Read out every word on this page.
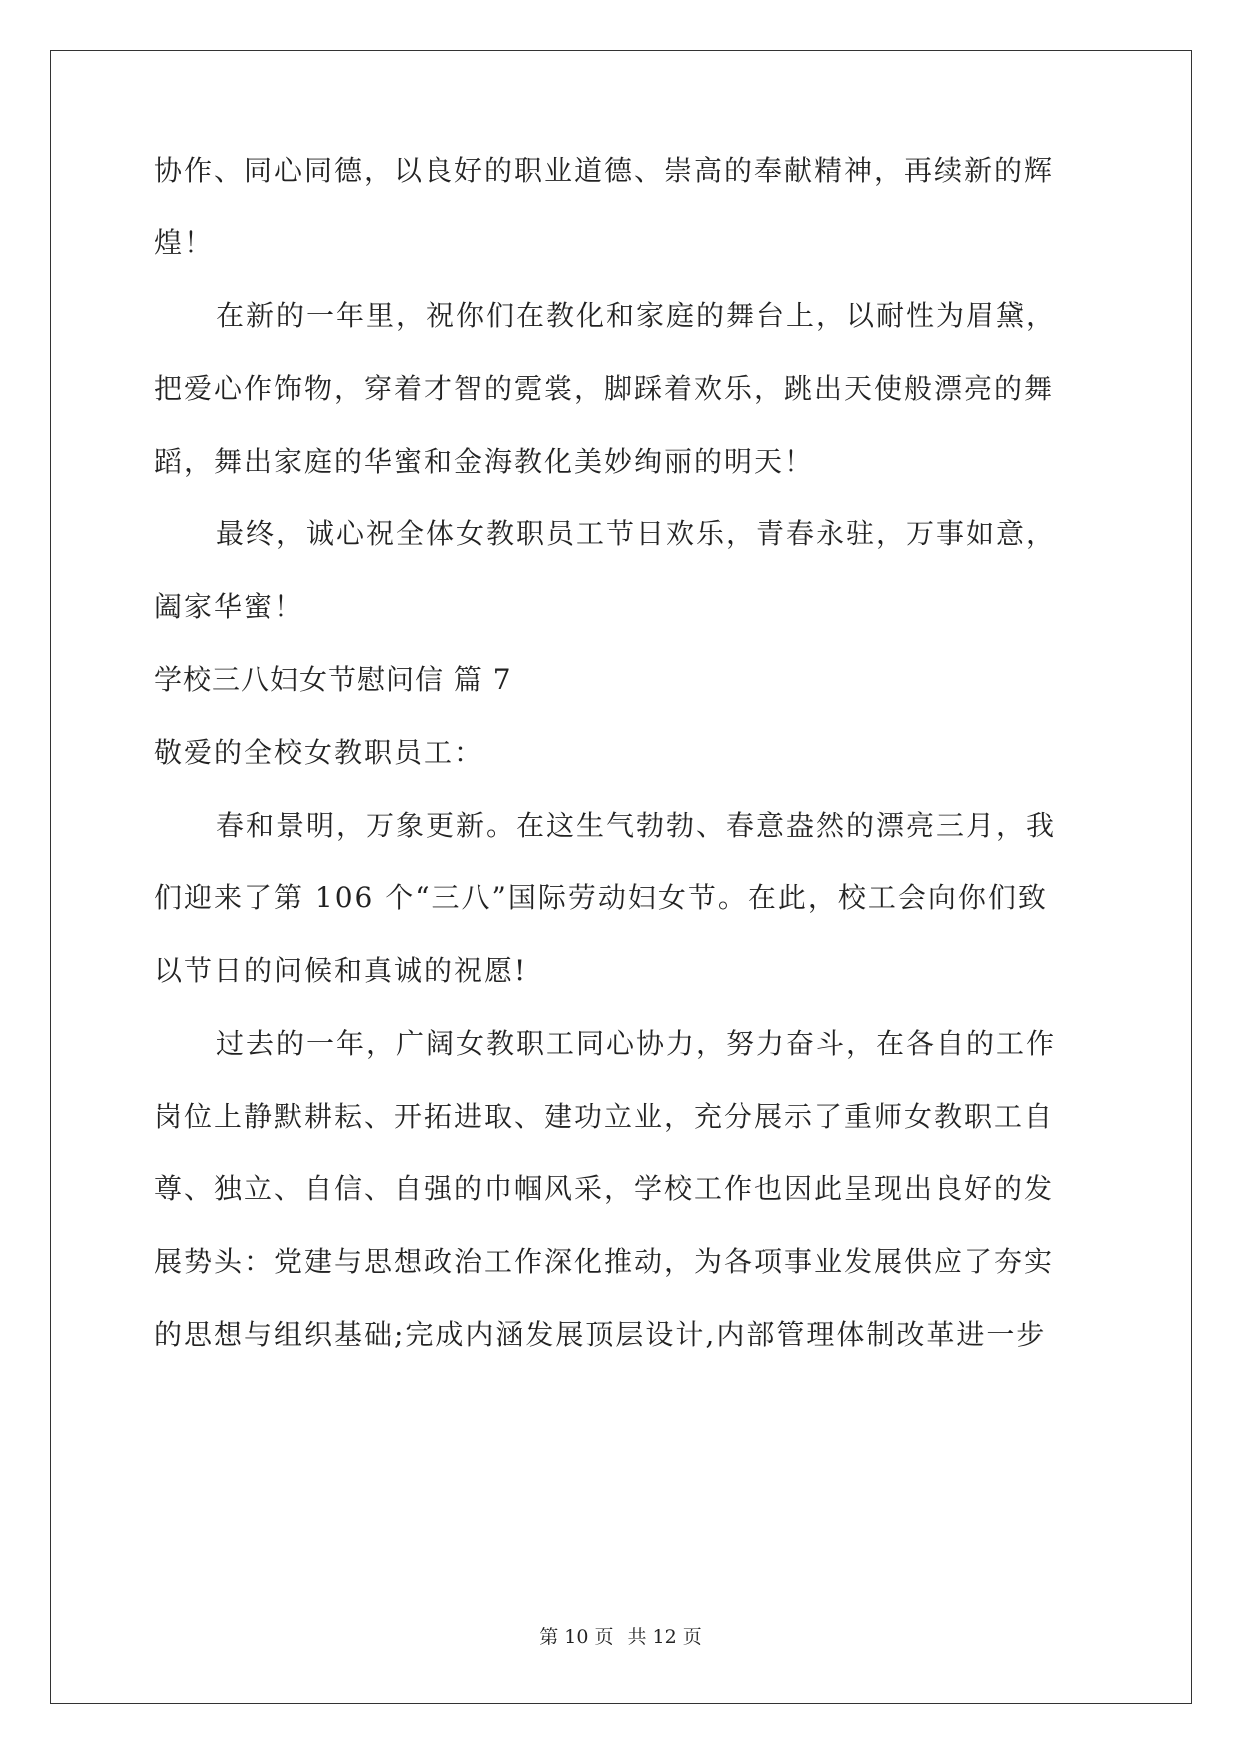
协作、同心同德，以良好的职业道德、崇高的奉献精神，再续新的辉
煌！
在新的一年里，祝你们在教化和家庭的舞台上，以耐性为眉黛，
把爱心作饰物，穿着才智的霓裳，脚踩着欢乐，跳出天使般漂亮的舞
蹈，舞出家庭的华蜜和金海教化美妙绚丽的明天！
最终，诚心祝全体女教职员工节日欢乐，青春永驻，万事如意，
阖家华蜜！
学校三八妇女节慰问信 篇 7
敬爱的全校女教职员工：
春和景明，万象更新。在这生气勃勃、春意盎然的漂亮三月，我
们迎来了第 106 个“三八”国际劳动妇女节。在此，校工会向你们致
以节日的问候和真诚的祝愿!
过去的一年，广阔女教职工同心协力，努力奋斗，在各自的工作
岗位上静默耕耘、开拓进取、建功立业，充分展示了重师女教职工自
尊、独立、自信、自强的巾帼风采，学校工作也因此呈现出良好的发
展势头：党建与思想政治工作深化推动，为各项事业发展供应了夯实
的思想与组织基础;完成内涵发展顶层设计,内部管理体制改革进一步
第 10 页 共 12 页
